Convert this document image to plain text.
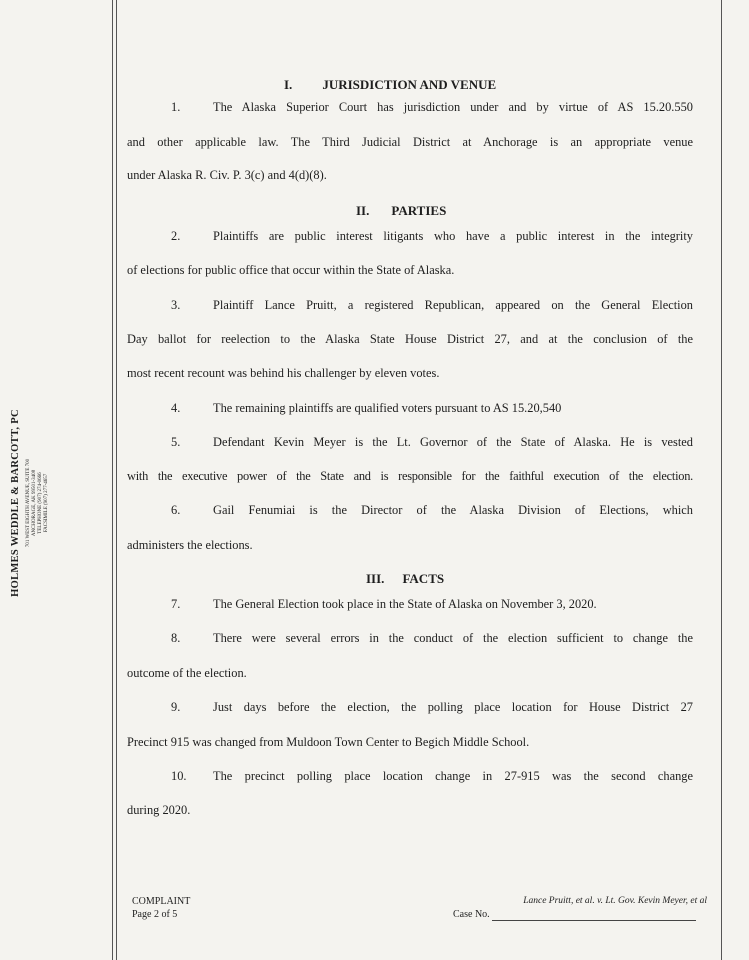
HOLMES WEDDLE & BARCOTT, PC 701 WEST EIGHTH AVENUE, SUITE 700 ANCHORAGE, AK 99501-3408 TELEPHONE (907) 274-0666 FACSIMILE (907) 277-4657
I. JURISDICTION AND VENUE
1.	The Alaska Superior Court has jurisdiction under and by virtue of AS 15.20.550
and other applicable law. The Third Judicial District at Anchorage is an appropriate venue
under Alaska R. Civ. P. 3(c) and 4(d)(8).
II. PARTIES
2.	Plaintiffs are public interest litigants who have a public interest in the integrity
of elections for public office that occur within the State of Alaska.
3.	Plaintiff Lance Pruitt, a registered Republican, appeared on the General Election
Day ballot for reelection to the Alaska State House District 27, and at the conclusion of the
most recent recount was behind his challenger by eleven votes.
4.	The remaining plaintiffs are qualified voters pursuant to AS 15.20,540
5.	Defendant Kevin Meyer is the Lt. Governor of the State of Alaska. He is vested
with the executive power of the State and is responsible for the faithful execution of the election.
6.	Gail Fenumiai is the Director of the Alaska Division of Elections, which
administers the elections.
III. FACTS
7.	The General Election took place in the State of Alaska on November 3, 2020.
8.	There were several errors in the conduct of the election sufficient to change the
outcome of the election.
9.	Just days before the election, the polling place location for House District 27
Precinct 915 was changed from Muldoon Town Center to Begich Middle School.
10. The precinct polling place location change in 27-915 was the second change
during 2020.
COMPLAINT
Page 2 of 5
Lance Pruitt, et al. v. Lt. Gov. Kevin Meyer, et al
Case No.
